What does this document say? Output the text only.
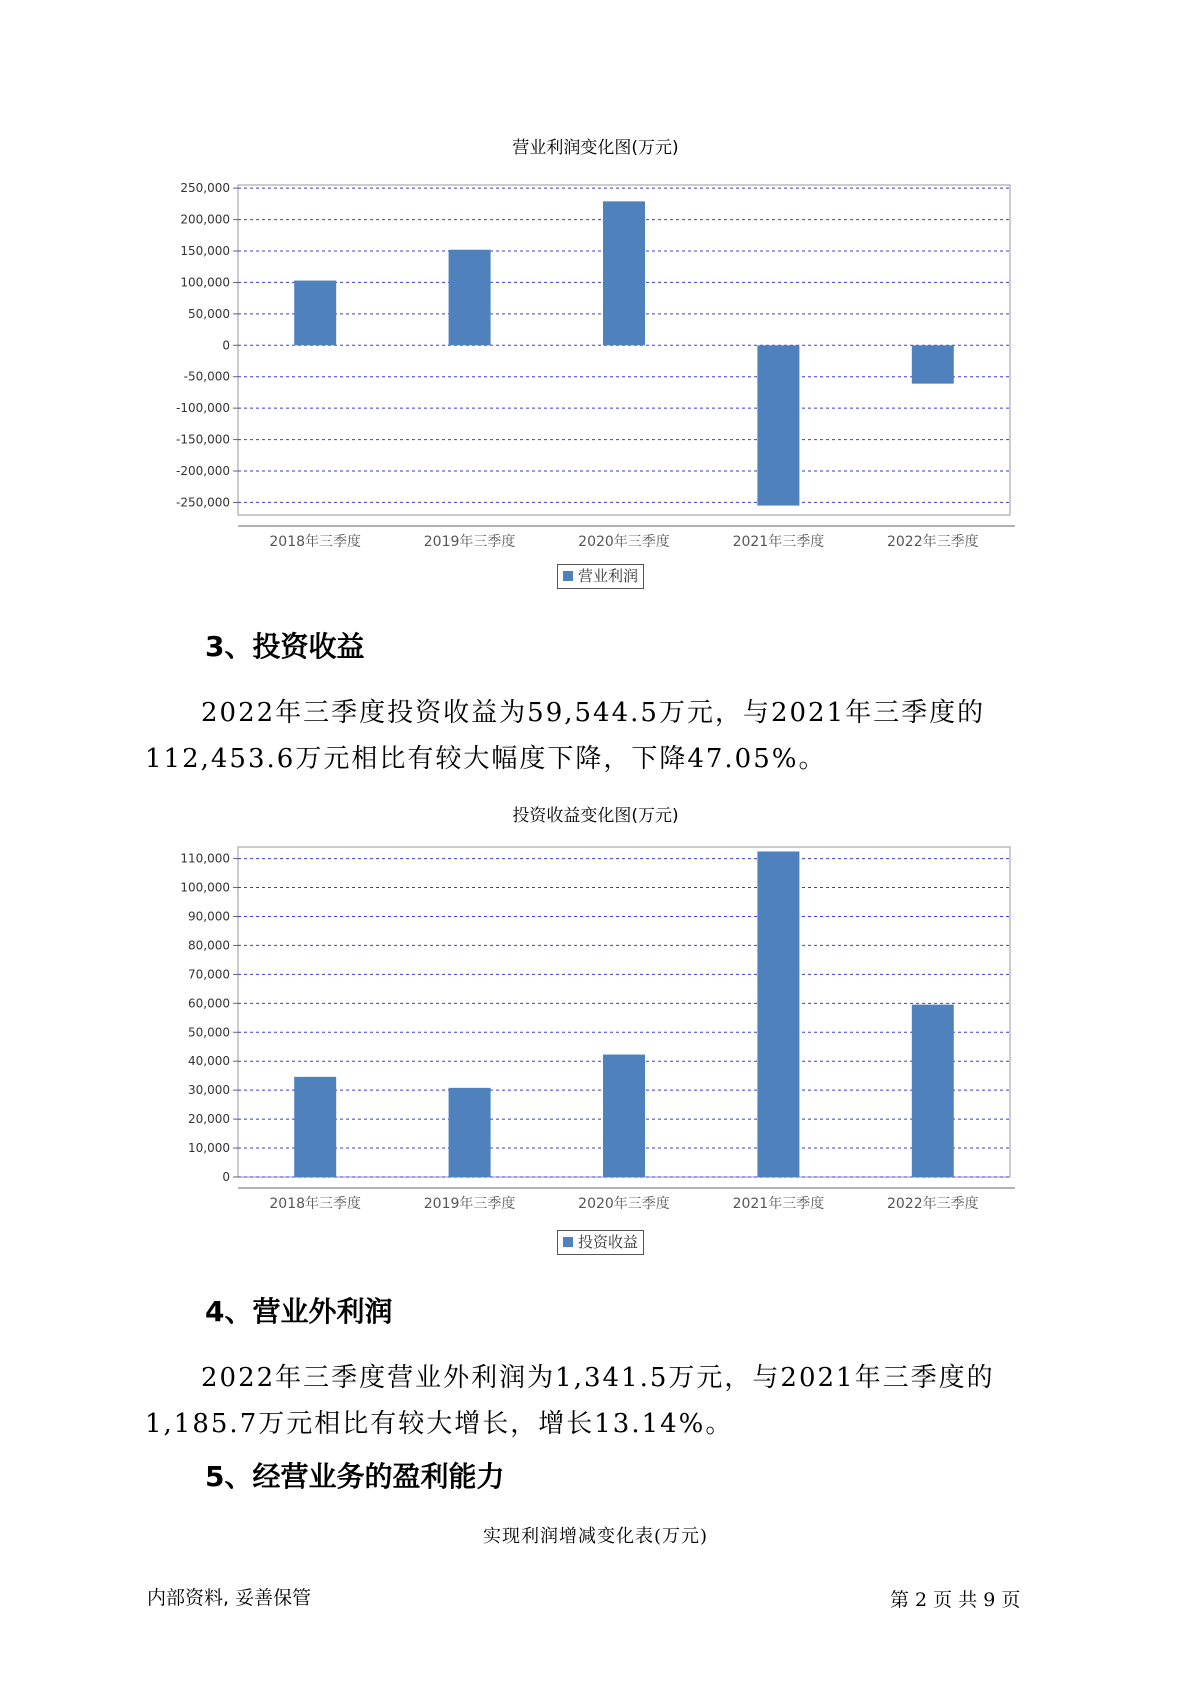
营业利润变化图(万元)
250,000
200,000
150,000
100,000
50,000
0
-50,000
-100,000
-150,000
-200,000
-250,000
2018年三季度	2019年三季度	2020年三季度	2021年三季度	2022年三季度
营业利润
3、投资收益

2022年三季度投资收益为59,544.5万元，与2021年三季度的112,453.6万元相比有较大幅度下降，下降47.05%。

投资收益变化图(万元)
110,000
100,000
90,000
80,000
70,000
60,000
50,000
40,000
30,000
20,000
10,000
0
2018年三季度	2019年三季度	2020年三季度	2021年三季度	2022年三季度
投资收益
4、营业外利润

2022年三季度营业外利润为1,341.5万元，与2021年三季度的1,185.7万元相比有较大增长，增长13.14%。

5、经营业务的盈利能力
实现利润增减变化表(万元)
内部资料, 妥善保管	第 2 页 共 9 页
